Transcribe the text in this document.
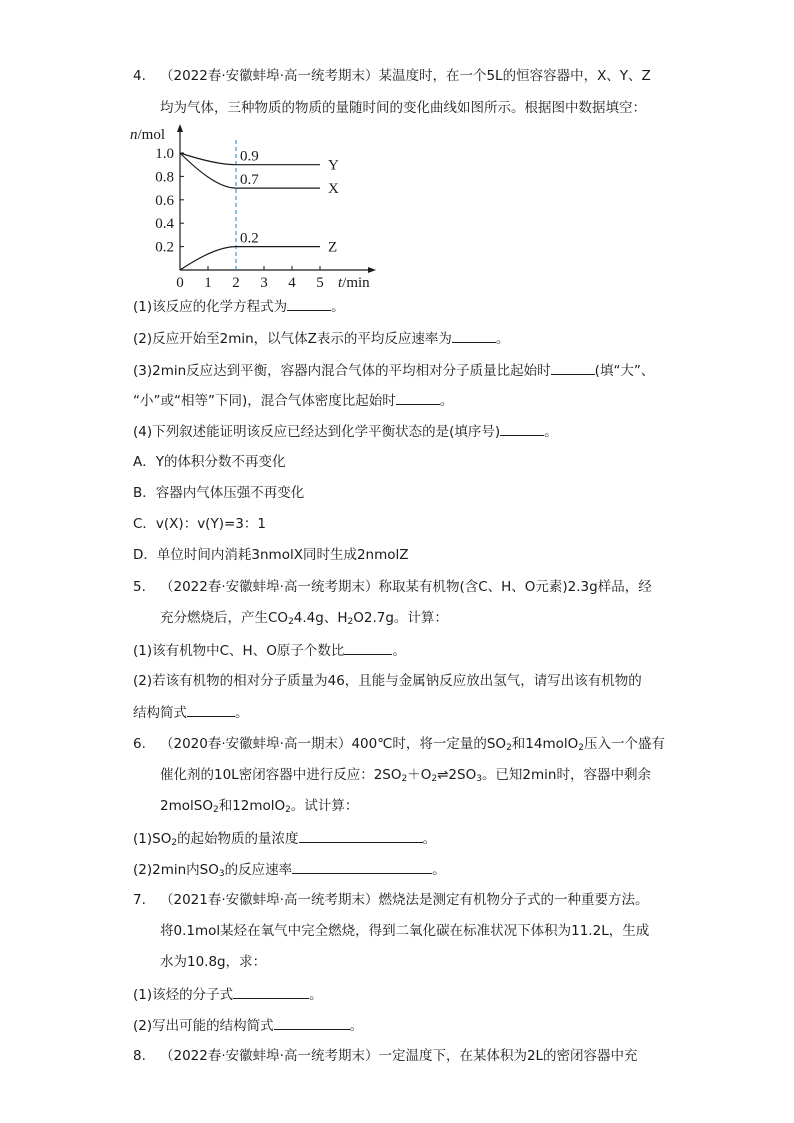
4. （2022春·安徽蚌埠·高一统考期末）某温度时，在一个5L的恒容容器中，X、Y、Z
均为气体，三种物质的物质的量随时间的变化曲线如图所示。根据图中数据填空：
n/mol
t/min
0 1 2 3 4 5
1.0
0.8
0.6
0.4
0.2
0.9
Y
0.7
X
0.2
Z
(1)该反应的化学方程式为	。
(2)反应开始至2min，以气体Z表示的平均反应速率为	。
(3)2min反应达到平衡，容器内混合气体的平均相对分子质量比起始时	(填“大”、
“小”或“相等”下同)，混合气体密度比起始时	。
(4)下列叙述能证明该反应已经达到化学平衡状态的是(填序号)	。
A．Y的体积分数不再变化
B．容器内气体压强不再变化
C．v(X)：v(Y)=3：1
D．单位时间内消耗3nmolX同时生成2nmolZ
5. （2022春·安徽蚌埠·高一统考期末）称取某有机物(含C、H、O元素)2.3g样品，经
充分燃烧后，产生$CO_24.4g$、$H_2O2.7g$。计算：
(1)该有机物中C、H、O原子个数比	。
(2)若该有机物的相对分子质量为46，且能与金属钠反应放出氢气，请写出该有机物的
结构简式	。
6. （2020春·安徽蚌埠·高一期末）400℃时，将一定量的$SO_2$和14molO$_2$压入一个盛有
催化剂的10L密闭容器中进行反应：$2SO_2+O_2\rightleftharpoons 2SO_3$。已知2min时，容器中剩余
2molSO$_2$和12molO$_2$。试计算：
$(1)SO_2$的起始物质的量浓度	。
(2)2min内$SO_3$的反应速率	。
7. （2021春·安徽蚌埠·高一统考期末）燃烧法是测定有机物分子式的一种重要方法。
将0.1mol某烃在氧气中完全燃烧，得到二氧化碳在标准状况下体积为11.2L，生成
水为10.8g，求：
(1)该烃的分子式	。
(2)写出可能的结构简式	。
8. （2022春·安徽蚌埠·高一统考期末）一定温度下，在某体积为2L的密闭容器中充
